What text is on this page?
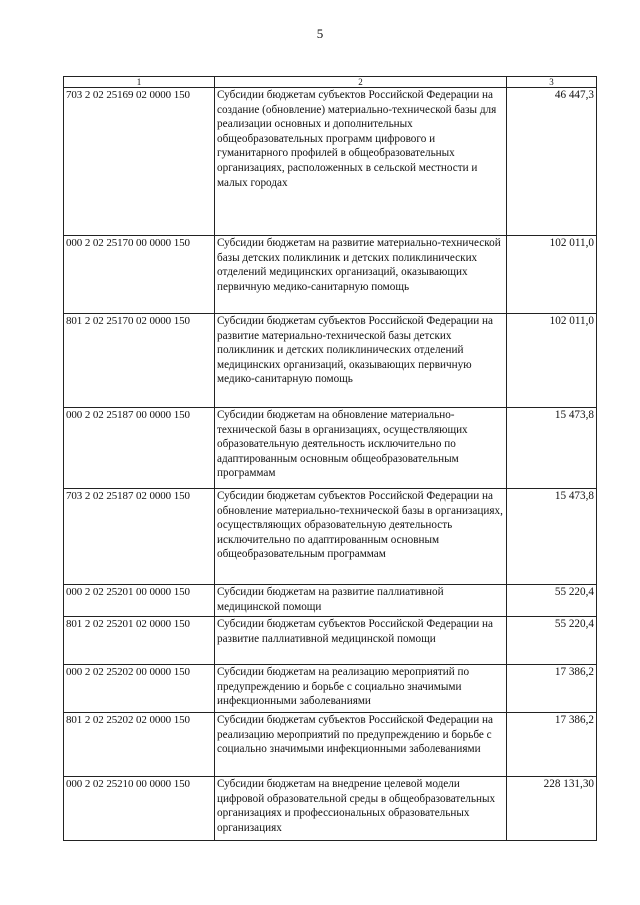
5
1	2	3
703 2 02 25169 02 0000 150	Субсидии бюджетам субъектов Российской Федерации на создание (обновление) материально-технической базы для реализации основных и дополнительных общеобразовательных программ цифрового и гуманитарного профилей в общеобразовательных организациях, расположенных в сельской местности и малых городах	46 447,3
000 2 02 25170 00 0000 150	Субсидии бюджетам на развитие материально-технической базы детских поликлиник и детских поликлинических отделений медицинских организаций, оказывающих первичную медико-санитарную помощь	102 011,0
801 2 02 25170 02 0000 150	Субсидии бюджетам субъектов Российской Федерации на развитие материально-технической базы детских поликлиник и детских поликлинических отделений медицинских организаций, оказывающих первичную медико-санитарную помощь	102 011,0
000 2 02 25187 00 0000 150	Субсидии бюджетам на обновление материально-технической базы в организациях, осуществляющих образовательную деятельность исключительно по адаптированным основным общеобразовательным программам	15 473,8
703 2 02 25187 02 0000 150	Субсидии бюджетам субъектов Российской Федерации на обновление материально-технической базы в организациях, осуществляющих образовательную деятельность исключительно по адаптированным основным общеобразовательным программам	15 473,8
000 2 02 25201 00 0000 150	Субсидии бюджетам на развитие паллиативной медицинской помощи	55 220,4
801 2 02 25201 02 0000 150	Субсидии бюджетам субъектов Российской Федерации на развитие паллиативной медицинской помощи	55 220,4
000 2 02 25202 00 0000 150	Субсидии бюджетам на реализацию мероприятий по предупреждению и борьбе с социально значимыми инфекционными заболеваниями	17 386,2
801 2 02 25202 02 0000 150	Субсидии бюджетам субъектов Российской Федерации на реализацию мероприятий по предупреждению и борьбе с социально значимыми инфекционными заболеваниями	17 386,2
000 2 02 25210 00 0000 150	Субсидии бюджетам на внедрение целевой модели цифровой образовательной среды в общеобразовательных организациях и профессиональных образовательных организациях	228 131,30
